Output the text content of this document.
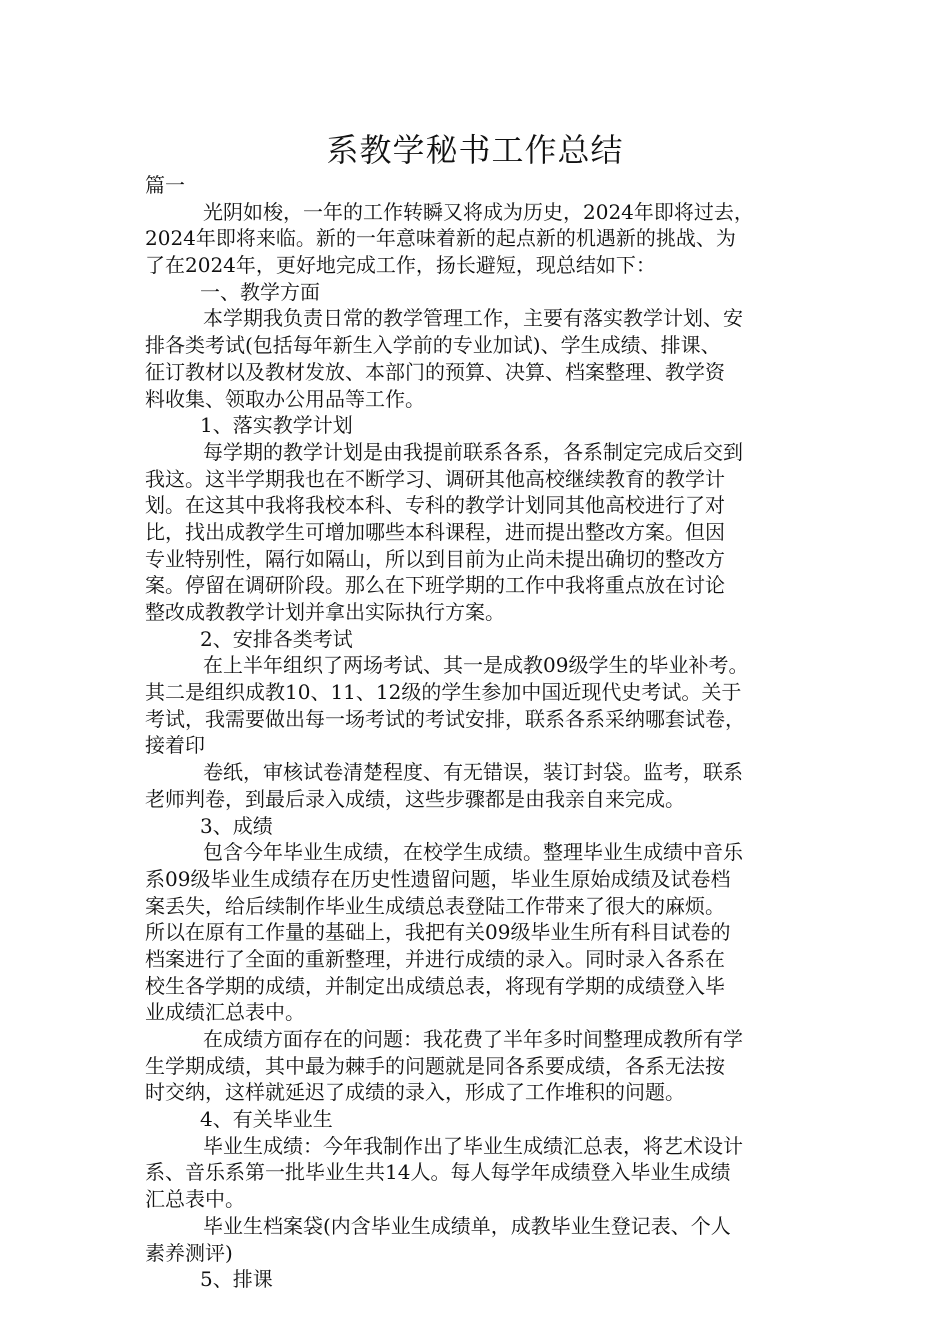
系教学秘书工作总结
篇一
光阴如梭，一年的工作转瞬又将成为历史，2024年即将过去，
2024年即将来临。新的一年意味着新的起点新的机遇新的挑战、为
了在2024年，更好地完成工作，扬长避短，现总结如下：
一、教学方面
本学期我负责日常的教学管理工作，主要有落实教学计划、安
排各类考试(包括每年新生入学前的专业加试)、学生成绩、排课、
征订教材以及教材发放、本部门的预算、决算、档案整理、教学资
料收集、领取办公用品等工作。
1、落实教学计划
每学期的教学计划是由我提前联系各系，各系制定完成后交到
我这。这半学期我也在不断学习、调研其他高校继续教育的教学计
划。在这其中我将我校本科、专科的教学计划同其他高校进行了对
比，找出成教学生可增加哪些本科课程，进而提出整改方案。但因
专业特别性，隔行如隔山，所以到目前为止尚未提出确切的整改方
案。停留在调研阶段。那么在下班学期的工作中我将重点放在讨论
整改成教教学计划并拿出实际执行方案。
2、安排各类考试
在上半年组织了两场考试、其一是成教09级学生的毕业补考。
其二是组织成教10、11、12级的学生参加中国近现代史考试。关于
考试，我需要做出每一场考试的考试安排，联系各系采纳哪套试卷，
接着印
卷纸，审核试卷清楚程度、有无错误，装订封袋。监考，联系
老师判卷，到最后录入成绩，这些步骤都是由我亲自来完成。
3、成绩
包含今年毕业生成绩，在校学生成绩。整理毕业生成绩中音乐
系09级毕业生成绩存在历史性遗留问题，毕业生原始成绩及试卷档
案丢失，给后续制作毕业生成绩总表登陆工作带来了很大的麻烦。
所以在原有工作量的基础上，我把有关09级毕业生所有科目试卷的
档案进行了全面的重新整理，并进行成绩的录入。同时录入各系在
校生各学期的成绩，并制定出成绩总表，将现有学期的成绩登入毕
业成绩汇总表中。
在成绩方面存在的问题：我花费了半年多时间整理成教所有学
生学期成绩，其中最为棘手的问题就是同各系要成绩，各系无法按
时交纳，这样就延迟了成绩的录入，形成了工作堆积的问题。
4、有关毕业生
毕业生成绩：今年我制作出了毕业生成绩汇总表，将艺术设计
系、音乐系第一批毕业生共14人。每人每学年成绩登入毕业生成绩
汇总表中。
毕业生档案袋(内含毕业生成绩单，成教毕业生登记表、个人
素养测评)
5、排课
